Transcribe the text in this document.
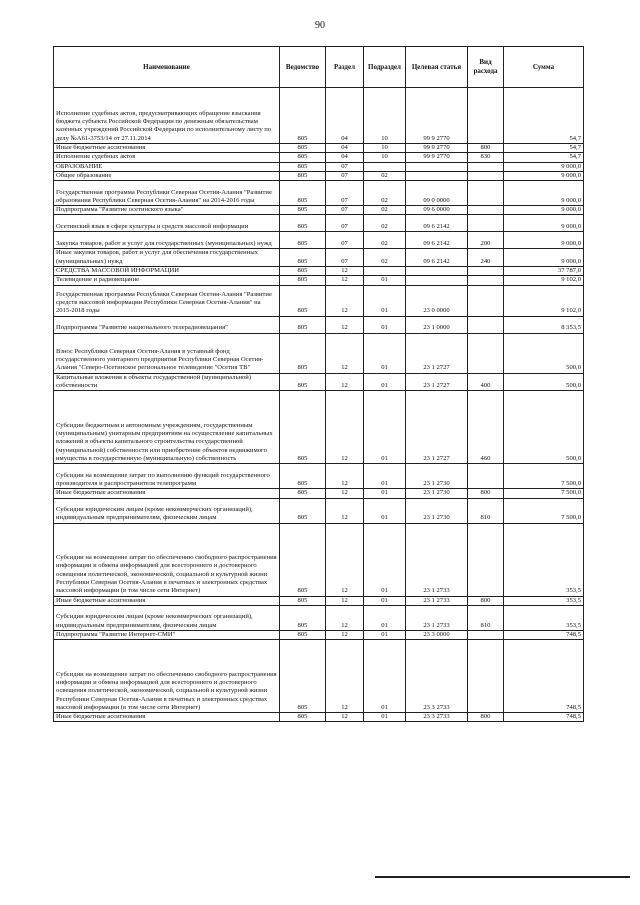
90
Наименование	Ведомство	Раздел	Подраздел	Целевая статья	Вид расхода	Сумма
Исполнение судебных актов, предусматривающих обращение взыскания бюджета субъекта Российской Федерации по денежным обязательствам казенных учреждений Российской Федерации по исполнительному листу по делу №А61-3753/14 от 27.11.2014	805	04	10	99 9 2770		54,7
Иные бюджетные ассигнования	805	04	10	99 9 2770	800	54,7
Исполнение судебных актов	805	04	10	99 9 2770	830	54,7
ОБРАЗОВАНИЕ	805	07				9 000,0
Общее образование	805	07	02			9 000,0
Государственная программа Республики Северная Осетия-Алания "Развитие образования Республики Северная Осетия-Алания" на 2014-2016 годы	805	07	02	09 0 0000		9 000,0
Подпрограмма "Развитие осетинского языка"	805	07	02	09 6 0000		9 000,0
Осетинский язык в сфере культуры и средств массовой информации	805	07	02	09 6 2142		9 000,0
Закупка товаров, работ и услуг для государственных (муниципальных) нужд	805	07	02	09 6 2142	200	9 000,0
Иные закупки товаров, работ и услуг для обеспечения государственных (муниципальных) нужд	805	07	02	09 6 2142	240	9 000,0
СРЕДСТВА МАССОВОЙ ИНФОРМАЦИИ	805	12				37 787,0
Телевидение и радиовещание	805	12	01			9 102,0
Государственная программа Республики Северная Осетия-Алания "Развитие средств массовой информации Республики Северная Осетия-Алания" на 2015-2018 годы	805	12	01	23 0 0000		9 102,0
Подпрограмма "Развитие национального телерадиовещания"	805	12	01	23 1 0000		8 353,5
Взнос Республики Северная Осетия-Алания в уставный фонд государственного унитарного предприятия Республики Северная Осетия-Алания "Северо-Осетинское региональное телевидение "Осетия ТВ"	805	12	01	23 1 2727		500,0
Капитальные вложения в объекты государственной (муниципальной) собственности	805	12	01	23 1 2727	400	500,0
Субсидии бюджетным и автономным учреждениям, государственным (муниципальным) унитарным предприятиям на осуществление капитальных вложений в объекты капитального строительства государственной (муниципальной) собственности или приобретение объектов недвижимого имущества в государственную (муниципальную) собственность	805	12	01	23 1 2727	460	500,0
Субсидии на возмещение затрат по выполнению функций государственного производителя и распространителя телепрограмм	805	12	01	23 1 2730		7 500,0
Иные бюджетные ассигнования	805	12	01	23 1 2730	800	7 500,0
Субсидии юридическим лицам (кроме некоммерческих организаций), индивидуальным предпринимателям, физическим лицам	805	12	01	23 1 2730	810	7 500,0
Субсидии на возмещение затрат по обеспечению свободного распространения информации и обмена информацией для всестороннего и достоверного освещения политической, экономической, социальной и культурной жизни Республики Северная Осетия-Алания в печатных и электронных средствах массовой информации (в том числе сети Интернет)	805	12	01	23 1 2733		353,5
Иные бюджетные ассигнования	805	12	01	23 1 2733	800	353,5
Субсидии юридическим лицам (кроме некоммерческих организаций), индивидуальным предпринимателям, физическим лицам	805	12	01	23 1 2733	810	353,5
Подпрограмма "Развитие Интернет-СМИ"	805	12	01	23 3 0000		748,5
Субсидии на возмещение затрат по обеспечению свободного распространения информации и обмена информацией для всестороннего и достоверного освещения политической, экономической, социальной и культурной жизни Республики Северная Осетия-Алания в печатных и электронных средствах массовой информации (в том числе сети Интернет)	805	12	01	23 3 2733		748,5
Иные бюджетные ассигнования	805	12	01	23 3 2733	800	748,5
